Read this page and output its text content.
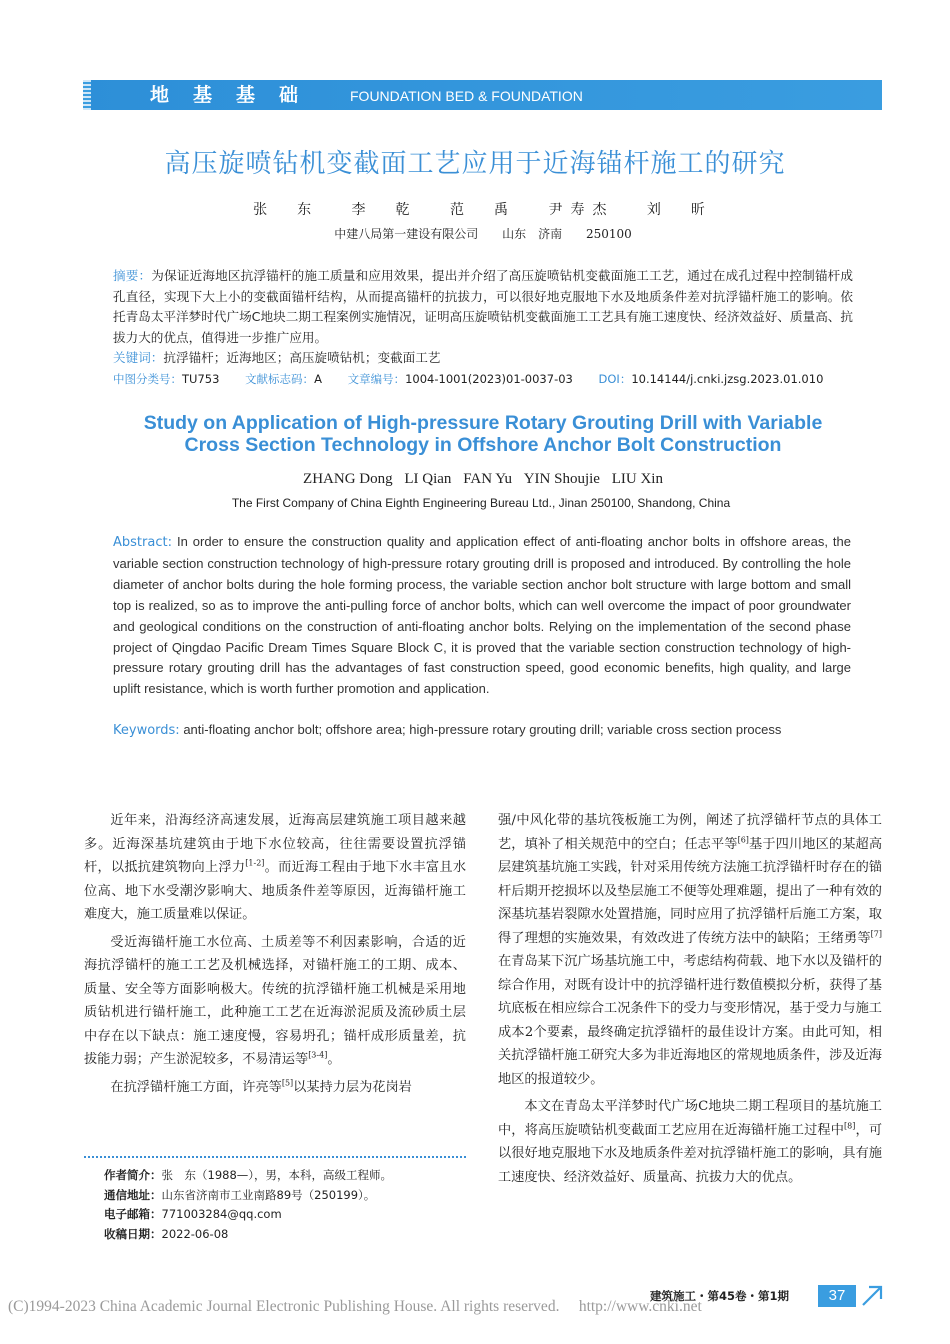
地基基础 FOUNDATION BED & FOUNDATION
高压旋喷钻机变截面工艺应用于近海锚杆施工的研究
张　东 李　乾 范　禹 尹寿杰 刘　昕
中建八局第一建设有限公司 山东　济南 250100
摘要：为保证近海地区抗浮锚杆的施工质量和应用效果，提出并介绍了高压旋喷钻机变截面施工工艺，通过在成孔过程中控制锚杆成孔直径，实现下大上小的变截面锚杆结构，从而提高锚杆的抗拔力，可以很好地克服地下水及地质条件差对抗浮锚杆施工的影响。依托青岛太平洋梦时代广场C地块二期工程案例实施情况，证明高压旋喷钻机变截面施工工艺具有施工速度快、经济效益好、质量高、抗拔力大的优点，值得进一步推广应用。
关键词：抗浮锚杆；近海地区；高压旋喷钻机；变截面工艺
中图分类号：TU753 文献标志码：A 文章编号：1004-1001(2023)01-0037-03 DOI：10.14144/j.cnki.jzsg.2023.01.010
Study on Application of High-pressure Rotary Grouting Drill with Variable
Cross Section Technology in Offshore Anchor Bolt Construction
ZHANG Dong LI Qian FAN Yu YIN Shoujie LIU Xin
The First Company of China Eighth Engineering Bureau Ltd., Jinan 250100, Shandong, China
Abstract: In order to ensure the construction quality and application effect of anti-floating anchor bolts in offshore areas, the variable section construction technology of high-pressure rotary grouting drill is proposed and introduced. By controlling the hole diameter of anchor bolts during the hole forming process, the variable section anchor bolt structure with large bottom and small top is realized, so as to improve the anti-pulling force of anchor bolts, which can well overcome the impact of poor groundwater and geological conditions on the construction of anti-floating anchor bolts. Relying on the implementation of the second phase project of Qingdao Pacific Dream Times Square Block C, it is proved that the variable section construction technology of high-pressure rotary grouting drill has the advantages of fast construction speed, good economic benefits, high quality, and large uplift resistance, which is worth further promotion and application.
Keywords: anti-floating anchor bolt; offshore area; high-pressure rotary grouting drill; variable cross section process

近年来，沿海经济高速发展，近海高层建筑施工项目越来越多。近海深基坑建筑由于地下水位较高，往往需要设置抗浮锚杆，以抵抗建筑物向上浮力[1-2]。而近海工程由于地下水丰富且水位高、地下水受潮汐影响大、地质条件差等原因，近海锚杆施工难度大，施工质量难以保证。

受近海锚杆施工水位高、土质差等不利因素影响，合适的近海抗浮锚杆的施工工艺及机械选择，对锚杆施工的工期、成本、质量、安全等方面影响极大。传统的抗浮锚杆施工机械是采用地质钻机进行锚杆施工，此种施工工艺在近海淤泥质及流砂质土层中存在以下缺点：施工速度慢，容易坍孔；锚杆成形质量差，抗拔能力弱；产生淤泥较多，不易清运等[3-4]。

在抗浮锚杆施工方面，许亮等[5]以某持力层为花岗岩

强/中风化带的基坑筏板施工为例，阐述了抗浮锚杆节点的具体工艺，填补了相关规范中的空白；任志平等[6]基于四川地区的某超高层建筑基坑施工实践，针对采用传统方法施工抗浮锚杆时存在的锚杆后期开挖损坏以及垫层施工不便等处理难题，提出了一种有效的深基坑基岩裂隙水处置措施，同时应用了抗浮锚杆后施工方案，取得了理想的实施效果，有效改进了传统方法中的缺陷；王绪勇等[7]在青岛某下沉广场基坑施工中，考虑结构荷载、地下水以及锚杆的综合作用，对既有设计中的抗浮锚杆进行数值模拟分析，获得了基坑底板在相应综合工况条件下的受力与变形情况，基于受力与施工成本2个要素，最终确定抗浮锚杆的最佳设计方案。由此可知，相关抗浮锚杆施工研究大多为非近海地区的常规地质条件，涉及近海地区的报道较少。

本文在青岛太平洋梦时代广场C地块二期工程项目的基坑施工中，将高压旋喷钻机变截面工艺应用在近海锚杆施工过程中[8]，可以很好地克服地下水及地质条件差对抗浮锚杆施工的影响，具有施工速度快、经济效益好、质量高、抗拔力大的优点。

作者简介：张　东（1988—），男，本科，高级工程师。
通信地址：山东省济南市工业南路89号（250199）。
电子邮箱：771003284@qq.com
收稿日期：2022-06-08
建筑施工・第45卷・第1期	37
(C)1994-2023 China Academic Journal Electronic Publishing House. All rights reserved.　 http://www.cnki.net
